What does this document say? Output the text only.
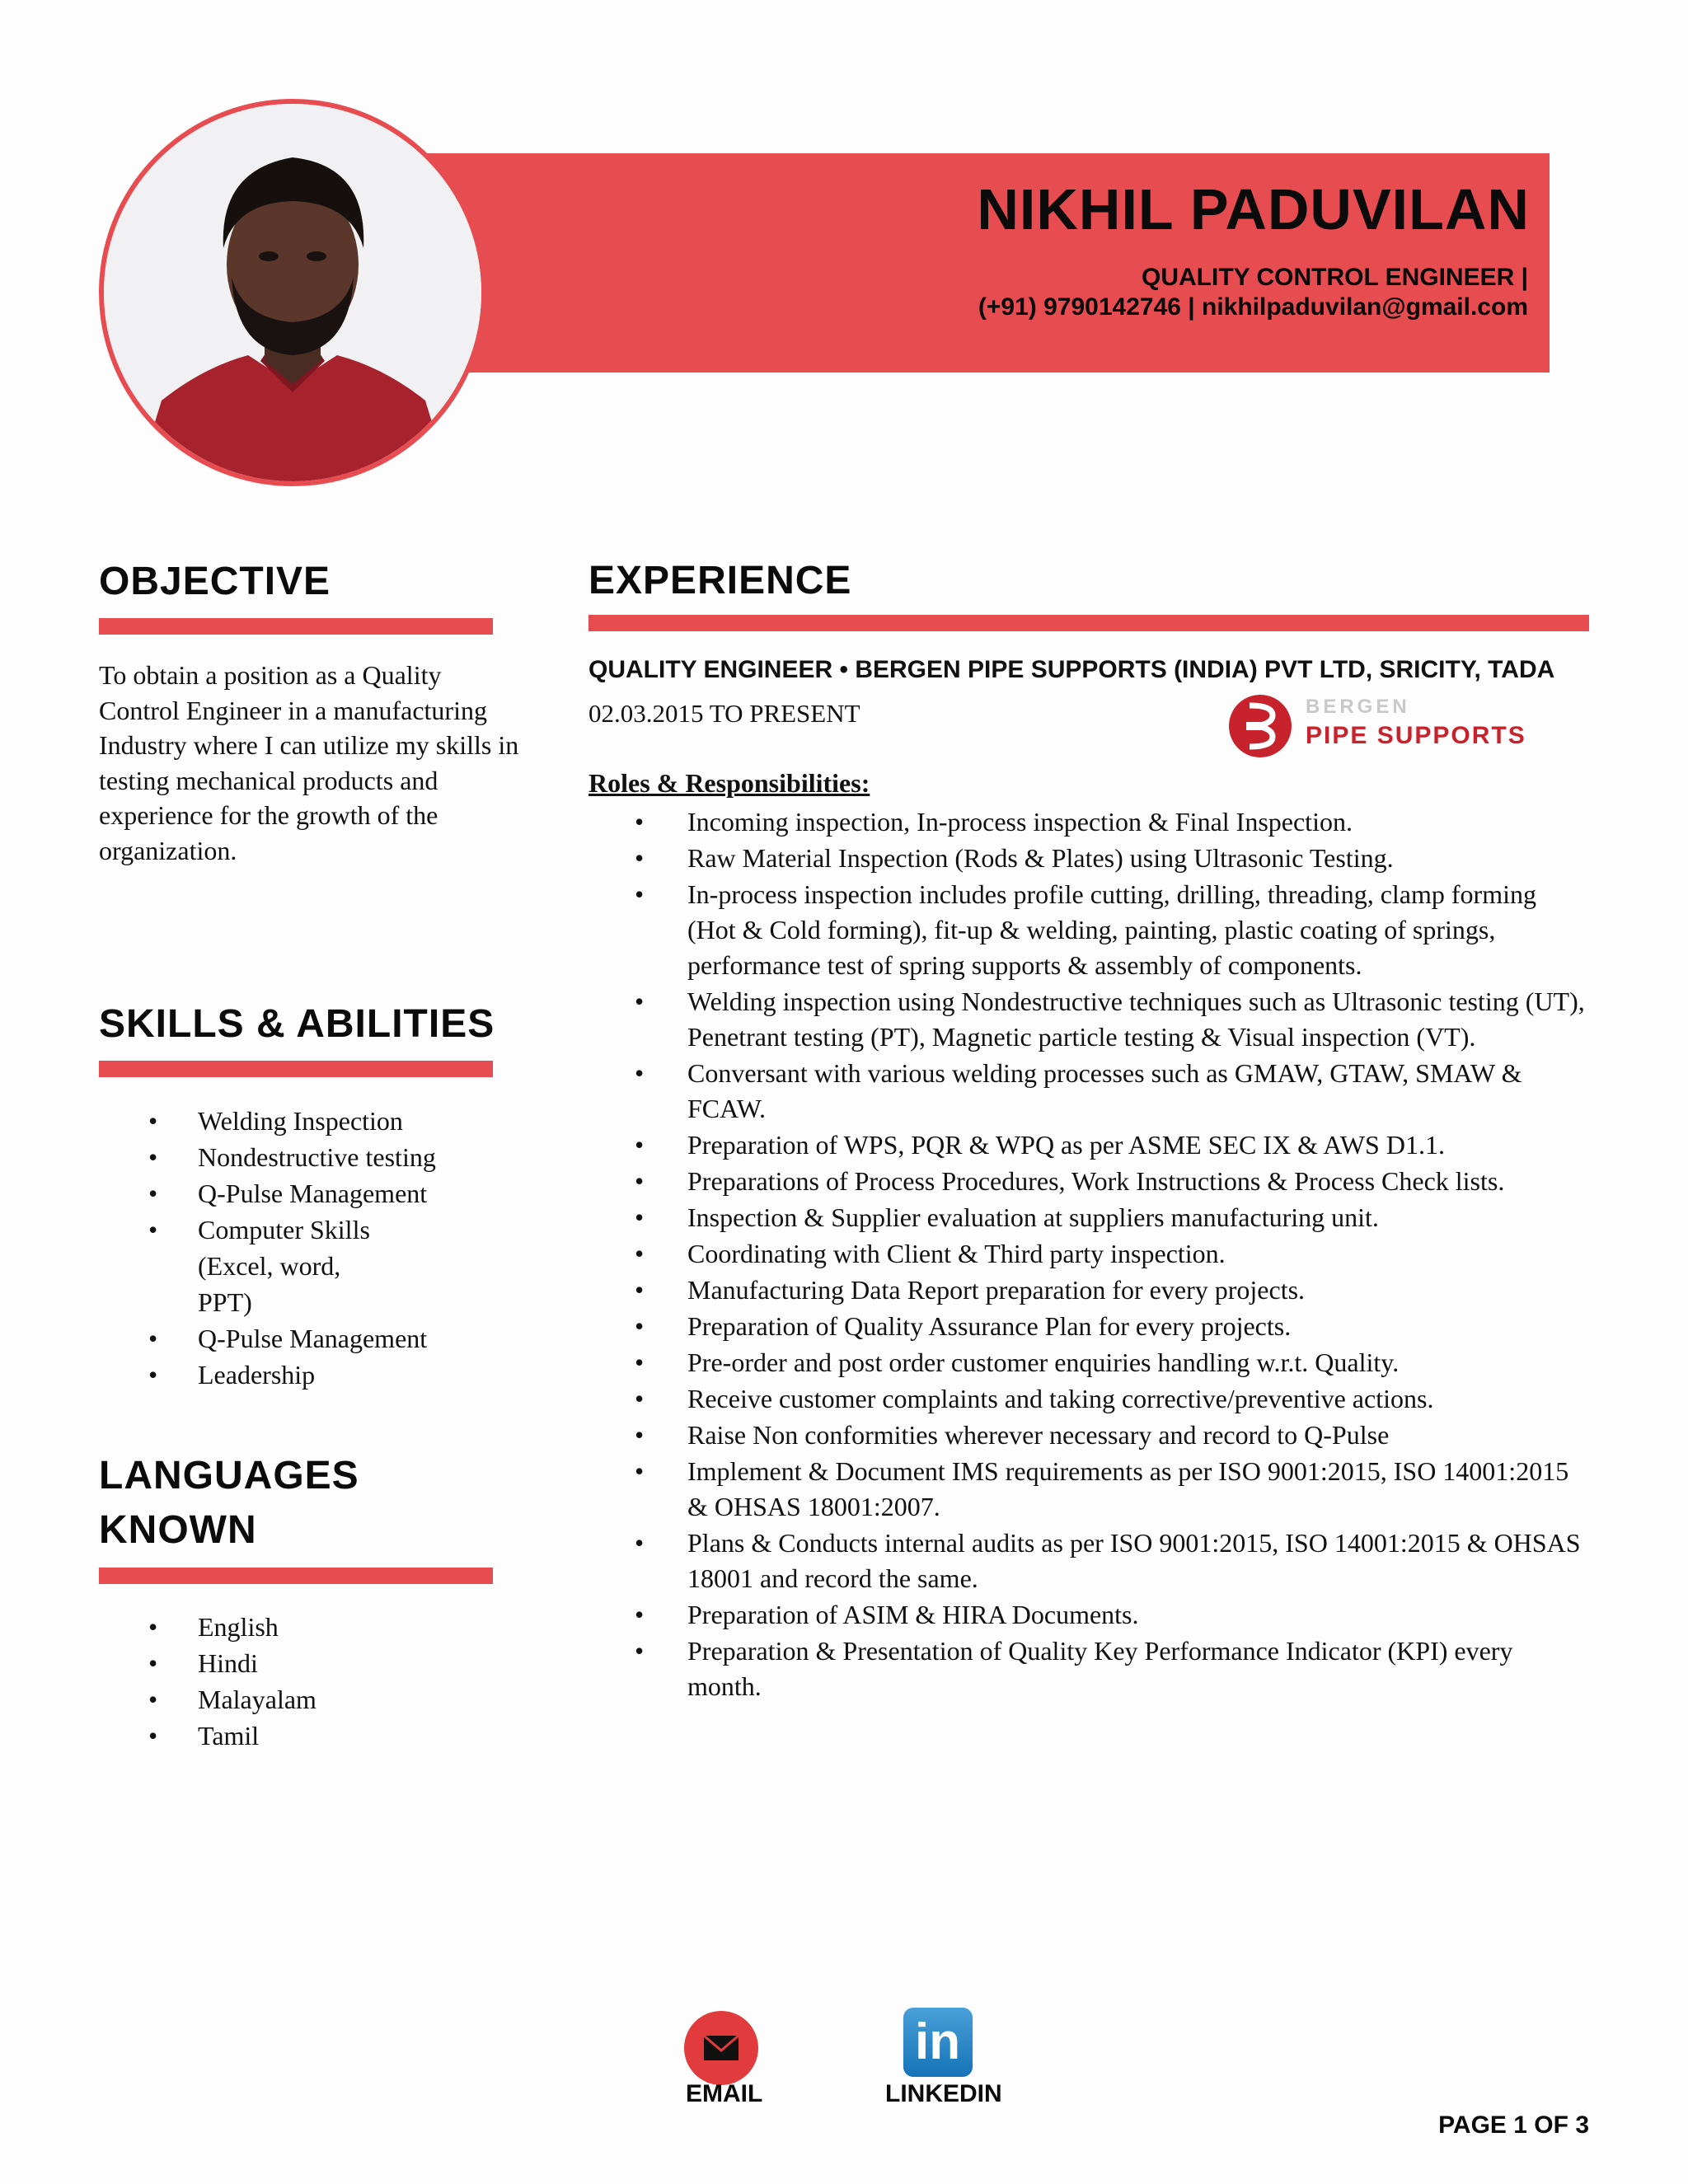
NIKHIL PADUVILAN
QUALITY CONTROL ENGINEER |
(+91) 9790142746 | nikhilpaduvilan@gmail.com
OBJECTIVE
To obtain a position as a Quality Control Engineer in a manufacturing Industry where I can utilize my skills in testing mechanical products and experience for the growth of the organization.
SKILLS & ABILITIES
• Welding Inspection
• Nondestructive testing
• Q-Pulse Management
• Computer Skills (Excel, word, PPT)
• Q-Pulse Management
• Leadership
LANGUAGES
KNOWN
• English
• Hindi
• Malayalam
• Tamil
EXPERIENCE
QUALITY ENGINEER • BERGEN PIPE SUPPORTS (INDIA) PVT LTD, SRICITY, TADA
02.03.2015 TO PRESENT	BERGEN
PIPE SUPPORTS
Roles & Responsibilities:
• Incoming inspection, In-process inspection & Final Inspection.
• Raw Material Inspection (Rods & Plates) using Ultrasonic Testing.
• In-process inspection includes profile cutting, drilling, threading, clamp forming (Hot & Cold forming), fit-up & welding, painting, plastic coating of springs, performance test of spring supports & assembly of components.
• Welding inspection using Nondestructive techniques such as Ultrasonic testing (UT), Penetrant testing (PT), Magnetic particle testing & Visual inspection (VT).
• Conversant with various welding processes such as GMAW, GTAW, SMAW & FCAW.
• Preparation of WPS, PQR & WPQ as per ASME SEC IX & AWS D1.1.
• Preparations of Process Procedures, Work Instructions & Process Check lists.
• Inspection & Supplier evaluation at suppliers manufacturing unit.
• Coordinating with Client & Third party inspection.
• Manufacturing Data Report preparation for every projects.
• Preparation of Quality Assurance Plan for every projects.
• Pre-order and post order customer enquiries handling w.r.t. Quality.
• Receive customer complaints and taking corrective/preventive actions.
• Raise Non conformities wherever necessary and record to Q-Pulse
• Implement & Document IMS requirements as per ISO 9001:2015, ISO 14001:2015 & OHSAS 18001:2007.
• Plans & Conducts internal audits as per ISO 9001:2015, ISO 14001:2015 & OHSAS 18001 and record the same.
• Preparation of ASIM & HIRA Documents.
• Preparation & Presentation of Quality Key Performance Indicator (KPI) every month.
EMAIL
in
LINKEDIN
PAGE 1 OF 3
